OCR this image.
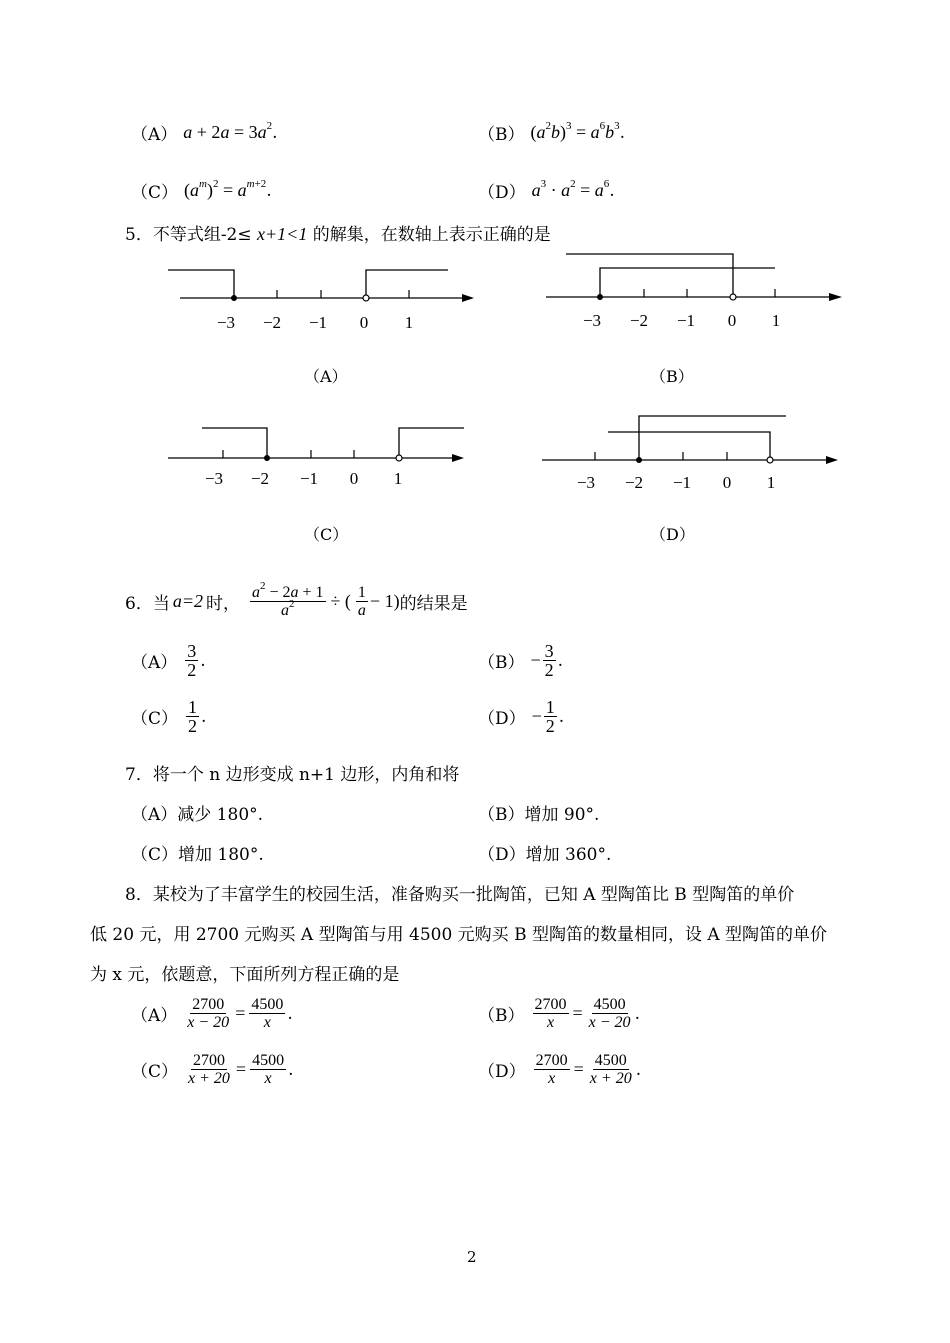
（A） $a + 2a = 3a^2$ .	（B） $(a^2b)^3 = a^6b^3$ .
（C） $(a^m)^2 = a^{m+2}$ .	（D） $a^3 \cdot a^2 = a^6$ .
5．不等式组-2≤ x+1<1 的解集，在数轴上表示正确的是
−3 −2 −1 0 1
（A）
−3 −2 −1 0 1
（B）
−3 −2 −1 0 1
（C）
−3 −2 −1 0 1
（D）
6．当 a=2 时， $\frac{a^2 - 2a + 1}{a^2}$ ÷ ( $\frac{1}{a} - 1$) 的结果是
$(A) \frac{3}{2}$ .	$(B) - \frac{3}{2}$ .
$(C) \frac{1}{2}$ .	$(D) - \frac{1}{2}$ .
7．将一个 n 边形变成 n+1 边形，内角和将
（A）减少 180°.	（B）增加 90°.
（C）增加 180°.	（D）增加 360°.
8．某校为了丰富学生的校园生活，准备购买一批陶笛，已知 A 型陶笛比 B 型陶笛的单价
低 20 元，用 2700 元购买 A 型陶笛与用 4500 元购买 B 型陶笛的数量相同，设 A 型陶笛的单价
为 x 元，依题意，下面所列方程正确的是
$(A) \frac{2700}{x - 20} = \frac{4500}{x}$ .	$(B) \frac{2700}{x} = \frac{4500}{x - 20}$ .
$(C) \frac{2700}{x + 20} = \frac{4500}{x}$ .	$(D) \frac{2700}{x} = \frac{4500}{x + 20}$ .
2
